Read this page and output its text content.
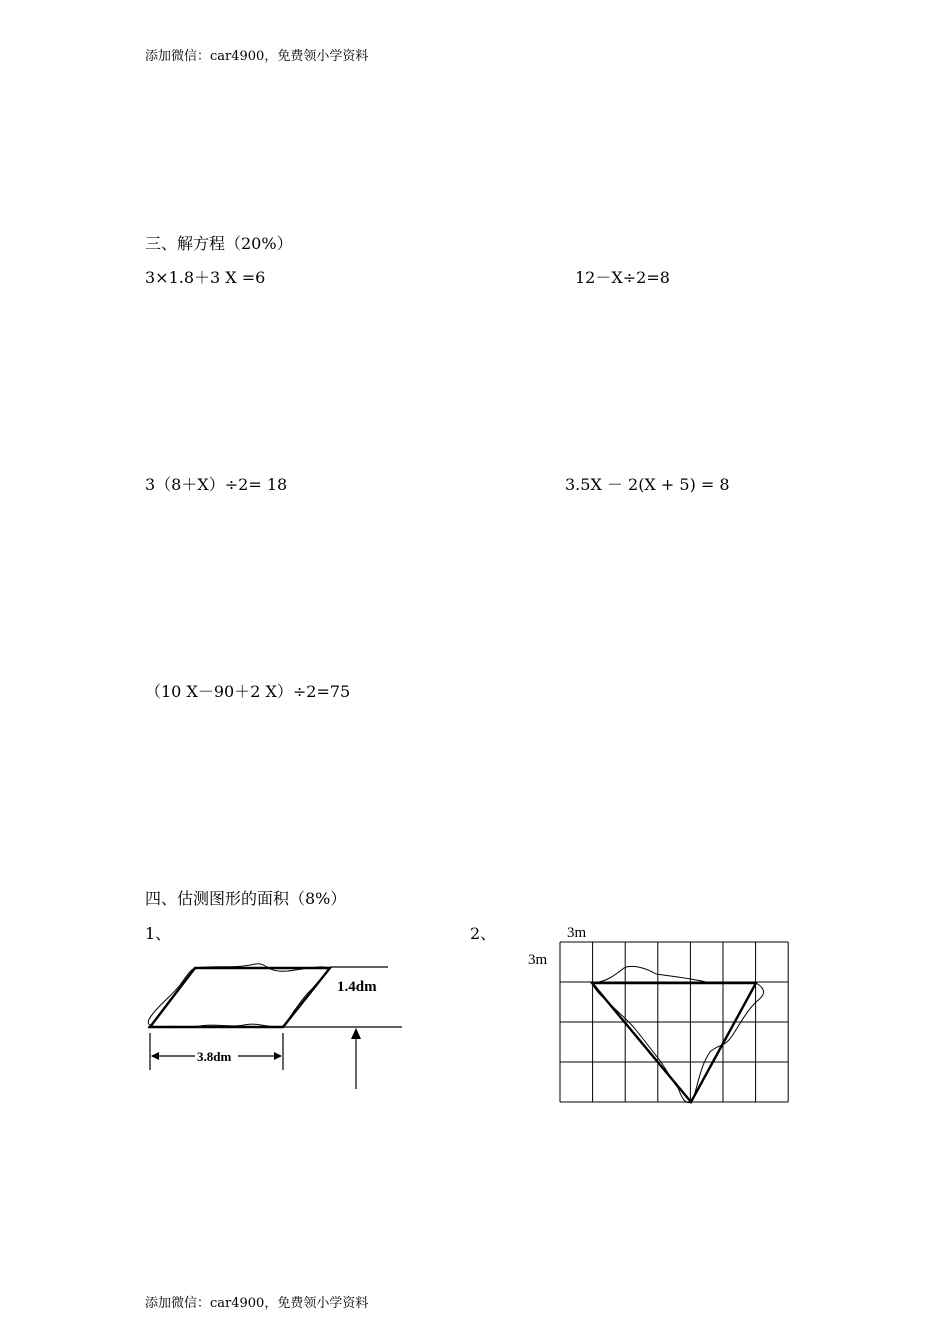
添加微信：car4900，免费领小学资料
三、解方程（20%）
3×1.8＋3 X =6	12－X÷2=8
3（8＋X）÷2= 18	3.5X － 2(X + 5) = 8
（10 X－90＋2 X）÷2=75
四、估测图形的面积（8%）
1、	2、
3.8dm
1.4dm
3m
3m
添加微信：car4900，免费领小学资料
